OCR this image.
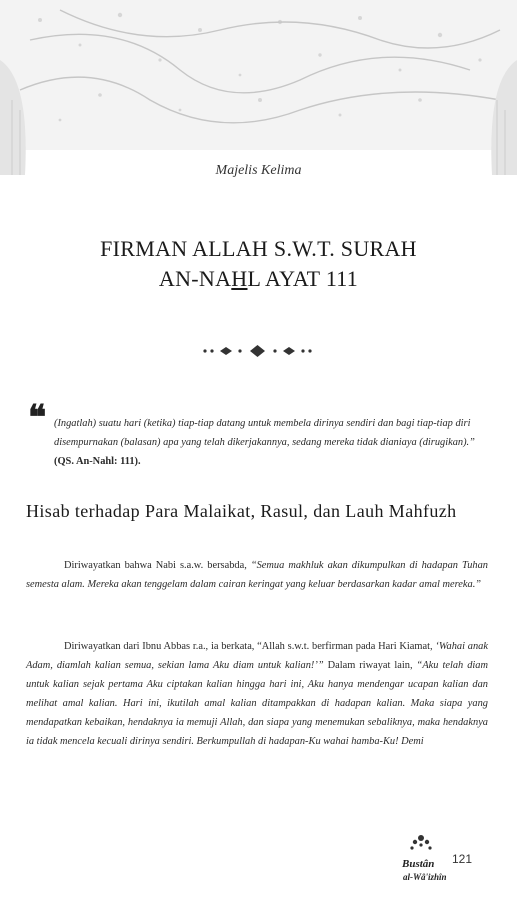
Majelis Kelima
FIRMAN ALLAH S.W.T. SURAH
AN-NAHL AYAT 111
❝ (Ingatlah) suatu hari (ketika) tiap-tiap datang untuk membela dirinya sendiri dan bagi tiap-tiap diri disempurnakan (balasan) apa yang telah dikerjakannya, sedang mereka tidak dianiaya (dirugikan).” (QS. An-Nahl: 111).
Hisab terhadap Para Malaikat, Rasul, dan Lauh Mahfuzh

Diriwayatkan bahwa Nabi s.a.w. bersabda, “Semua makhluk akan dikumpulkan di hadapan Tuhan semesta alam. Mereka akan tenggelam dalam cairan keringat yang keluar berdasarkan kadar amal mereka.”

Diriwayatkan dari Ibnu Abbas r.a., ia berkata, “Allah s.w.t. berfirman pada Hari Kiamat, ‘Wahai anak Adam, diamlah kalian semua, sekian lama Aku diam untuk kalian!’” Dalam riwayat lain, “Aku telah diam untuk kalian sejak pertama Aku ciptakan kalian hingga hari ini, Aku hanya mendengar ucapan kalian dan melihat amal kalian. Hari ini, ikutilah amal kalian ditampakkan di hadapan kalian. Maka siapa yang mendapatkan kebaikan, hendaknya ia memuji Allah, dan siapa yang menemukan sebaliknya, maka hendaknya ia tidak mencela kecuali dirinya sendiri. Berkumpullah di hadapan-Ku wahai hamba-Ku! Demi

Bustân
al-Wâ'izhîn
121
